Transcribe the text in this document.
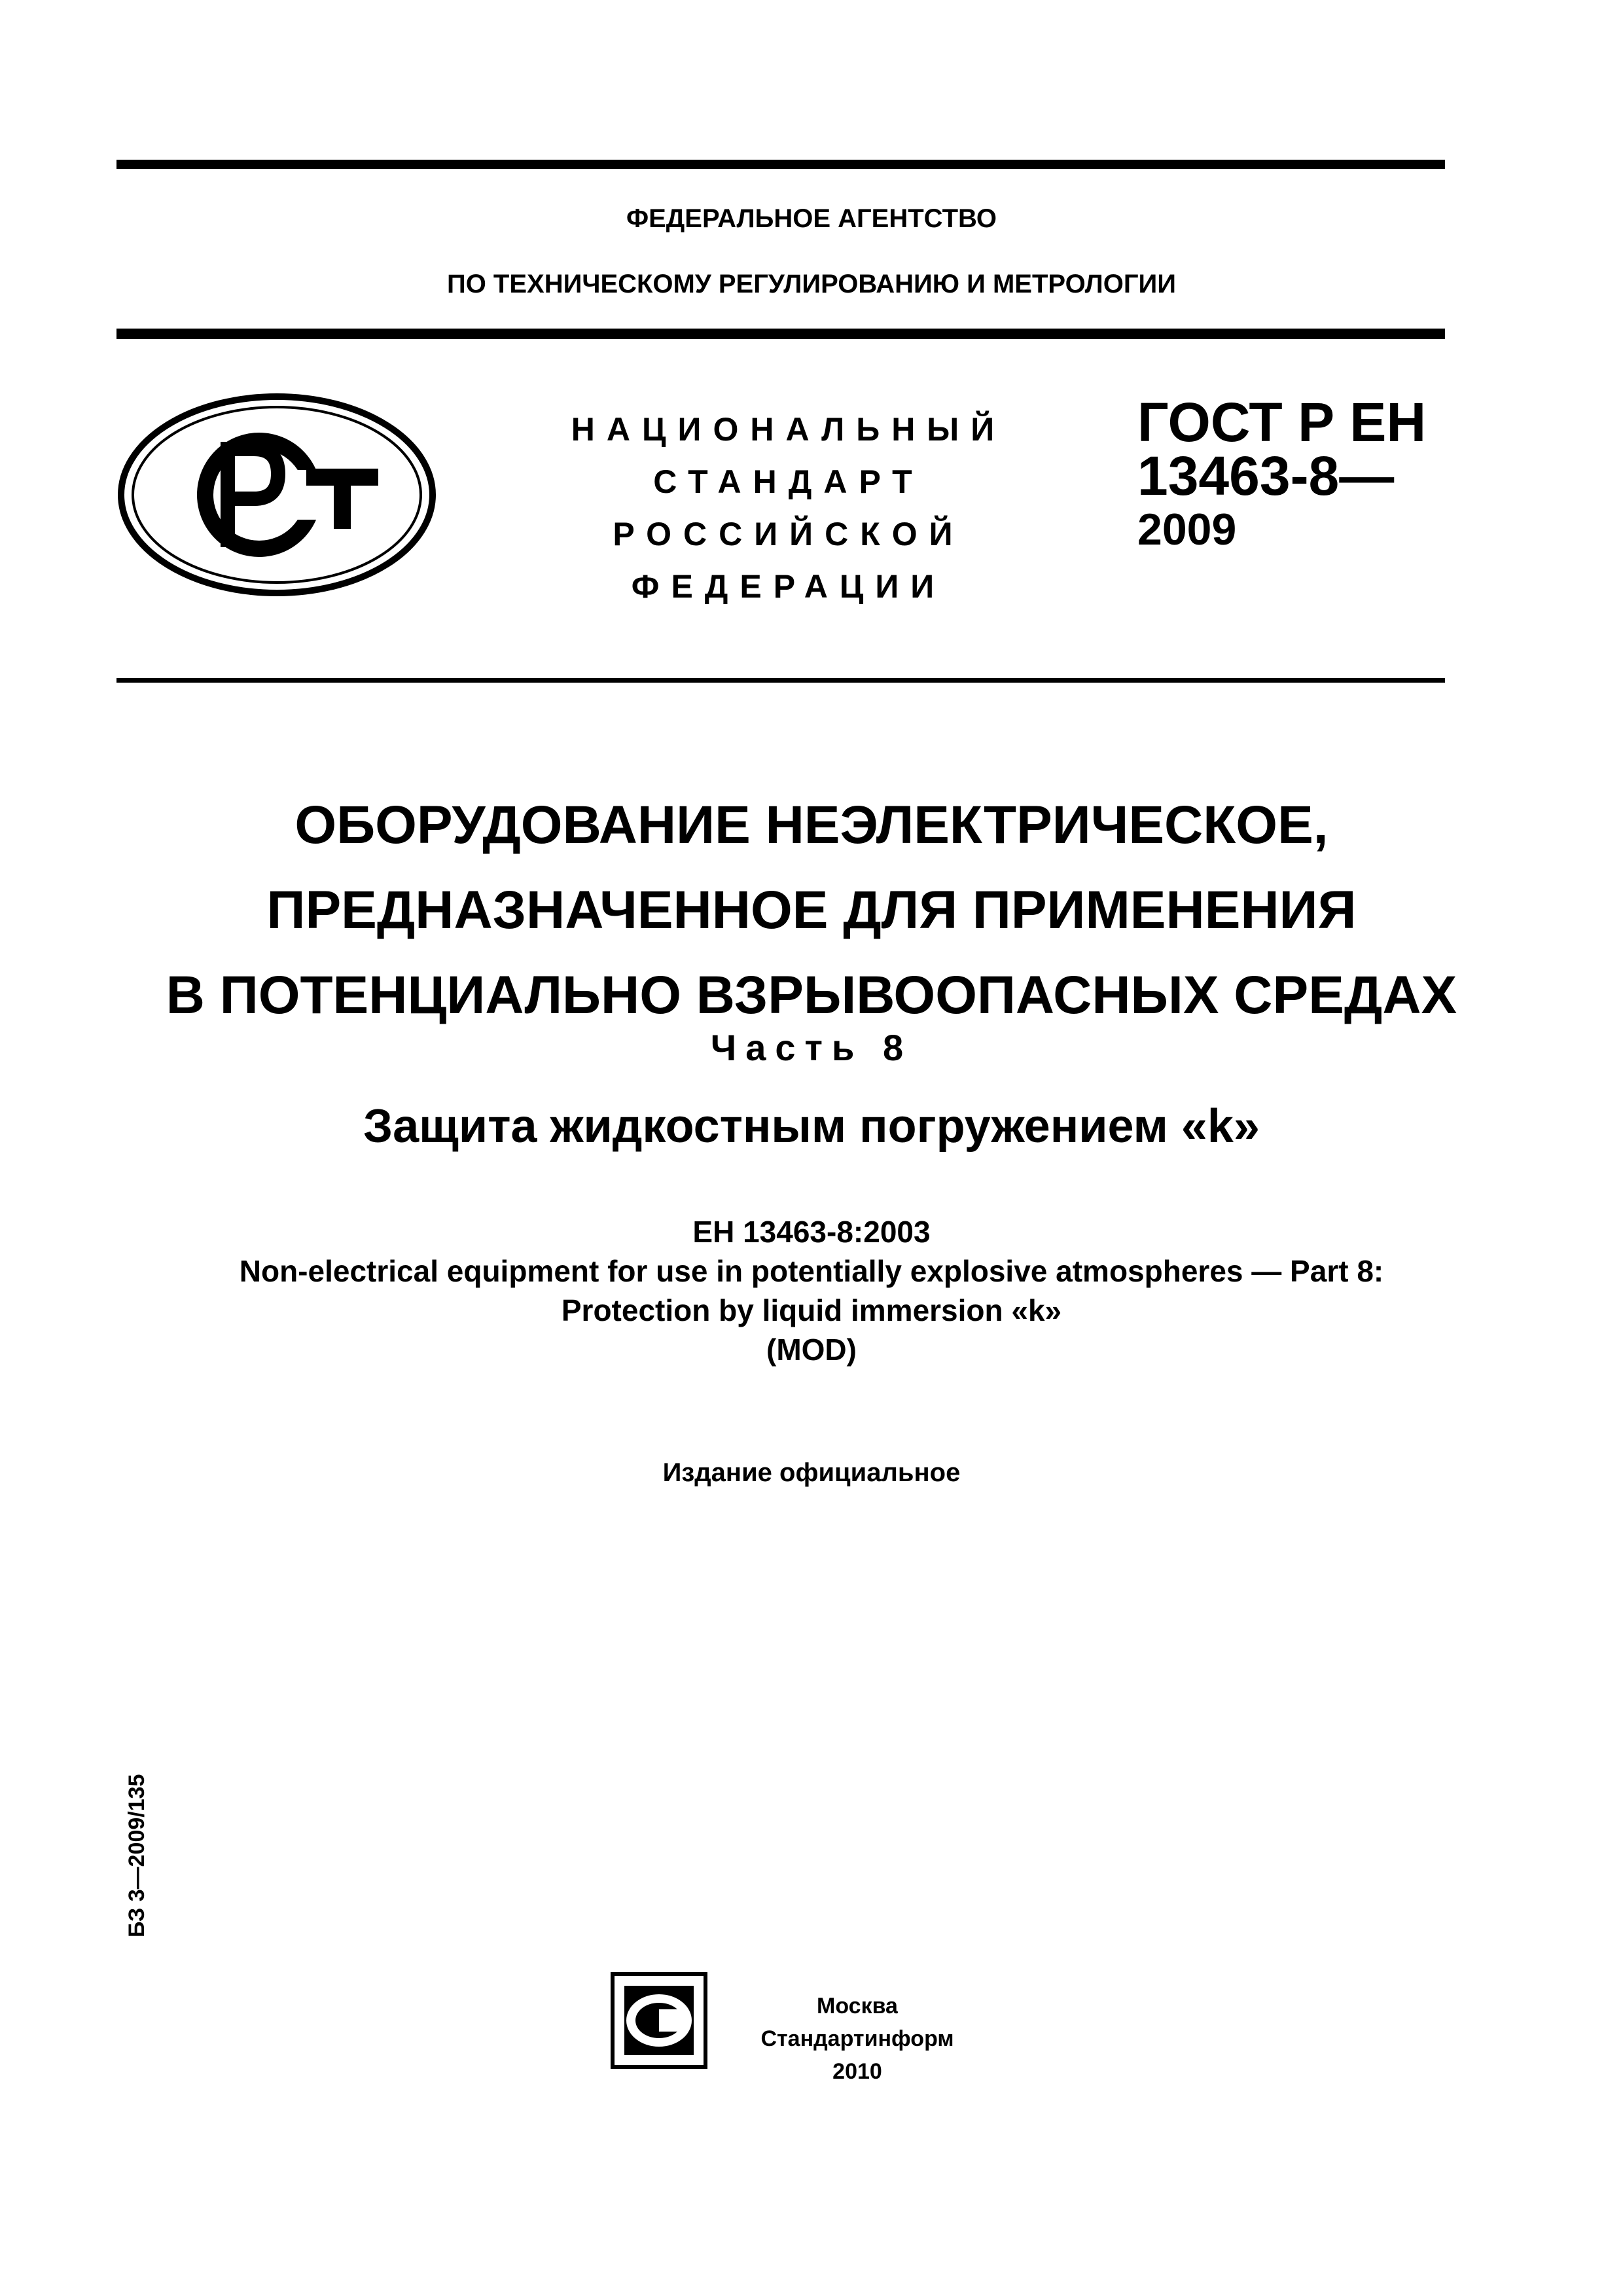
ФЕДЕРАЛЬНОЕ АГЕНТСТВО
ПО ТЕХНИЧЕСКОМУ РЕГУЛИРОВАНИЮ И МЕТРОЛОГИИ
РСТ
НАЦИОНАЛЬНЫЙ
СТАНДАРТ
РОССИЙСКОЙ
ФЕДЕРАЦИИ
ГОСТ Р ЕН
13463-8—
2009
ОБОРУДОВАНИЕ НЕЭЛЕКТРИЧЕСКОЕ,
ПРЕДНАЗНАЧЕННОЕ ДЛЯ ПРИМЕНЕНИЯ
В ПОТЕНЦИАЛЬНО ВЗРЫВООПАСНЫХ СРЕДАХ
Часть 8
Защита жидкостным погружением «k»
ЕН 13463-8:2003
Non-electrical equipment for use in potentially explosive atmospheres — Part 8:
Protection by liquid immersion «k»
(MOD)
Издание официальное
БЗ 3—2009/135
Москва
Стандартинформ
2010
